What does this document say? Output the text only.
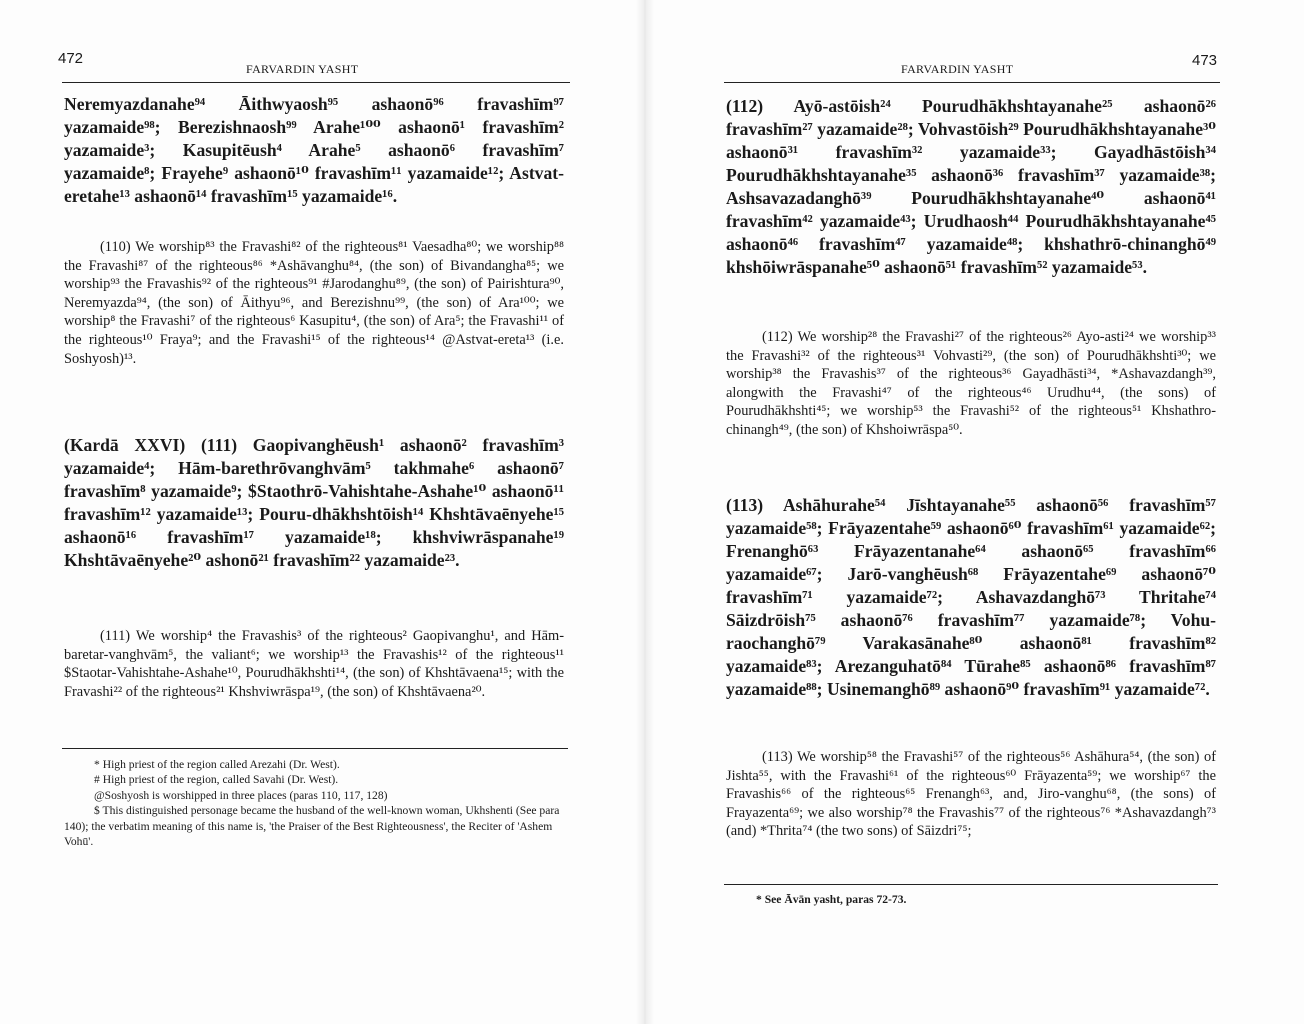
472
FARVARDIN YASHT
Neremyazdanahe⁹⁴ Āithwyaosh⁹⁵ ashaonō⁹⁶ fravashīm⁹⁷ yazamaide⁹⁸; Berezishnaosh⁹⁹ Arahe¹⁰⁰ ashaonō¹ fravashīm² yazamaide³; Kasupitēush⁴ Arahe⁵ ashaonō⁶ fravashīm⁷ yazamaide⁸; Frayehe⁹ ashaonō¹⁰ fravashīm¹¹ yazamaide¹²; Astvat-eretahe¹³ ashaonō¹⁴ fravashīm¹⁵ yazamaide¹⁶.
(110) We worship⁸³ the Fravashi⁸² of the righteous⁸¹ Vaesadha⁸⁰; we worship⁸⁸ the Fravashi⁸⁷ of the righteous⁸⁶ *Ashāvanghu⁸⁴, (the son) of Bivandangha⁸⁵; we worship⁹³ the Fravashis⁹² of the righteous⁹¹ #Jarodanghu⁸⁹, (the son) of Pairishtura⁹⁰, Neremyazda⁹⁴, (the son) of Āithyu⁹⁶, and Berezishnu⁹⁹, (the son) of Ara¹⁰⁰; we worship⁸ the Fravashi⁷ of the righteous⁶ Kasupitu⁴, (the son) of Ara⁵; the Fravashi¹¹ of the righteous¹⁰ Fraya⁹; and the Fravashi¹⁵ of the righteous¹⁴ @Astvat-ereta¹³ (i.e. Soshyosh)¹³.
(Kardā XXVI) (111) Gaopivanghēush¹ ashaonō² fravashīm³ yazamaide⁴; Hām-barethrōvanghvām⁵ takhmahe⁶ ashaonō⁷ fravashīm⁸ yazamaide⁹; $Staothrō-Vahishtahe-Ashahe¹⁰ ashaonō¹¹ fravashīm¹² yazamaide¹³; Pouru-dhākhshtōish¹⁴ Khshtāvaēnyehe¹⁵ ashaonō¹⁶ fravashīm¹⁷ yazamaide¹⁸; khshviwrāspanahe¹⁹ Khshtāvaēnyehe²⁰ ashonō²¹ fravashīm²² yazamaide²³.
(111) We worship⁴ the Fravashis³ of the righteous² Gaopivanghu¹, and Hām-baretar-vanghvām⁵, the valiant⁶; we worship¹³ the Fravashis¹² of the righteous¹¹ $Staotar-Vahishtahe-Ashahe¹⁰, Pourudhākhshti¹⁴, (the son) of Khshtāvaena¹⁵; with the Fravashi²² of the righteous²¹ Khshviwrāspa¹⁹, (the son) of Khshtāvaena²⁰.
* High priest of the region called Arezahi (Dr. West).
# High priest of the region, called Savahi (Dr. West).
@Soshyosh is worshipped in three places (paras 110, 117, 128)
$ This distinguished personage became the husband of the well-known woman, Ukhshenti (See para 140); the verbatim meaning of this name is, 'the Praiser of the Best Righteousness', the Reciter of 'Ashem Vohū'.
FARVARDIN YASHT	473
(112) Ayō-astōish²⁴ Pourudhākhshtayanahe²⁵ ashaonō²⁶ fravashīm²⁷ yazamaide²⁸; Vohvastōish²⁹ Pourudhākhshtayanahe³⁰ ashaonō³¹ fravashīm³² yazamaide³³; Gayadhāstōish³⁴ Pourudhākhshtayanahe³⁵ ashaonō³⁶ fravashīm³⁷ yazamaide³⁸; Ashsavazadanghō³⁹ Pourudhākhshtayanahe⁴⁰ ashaonō⁴¹ fravashīm⁴² yazamaide⁴³; Urudhaosh⁴⁴ Pourudhākhshtayanahe⁴⁵ ashaonō⁴⁶ fravashīm⁴⁷ yazamaide⁴⁸; khshathrō-chinanghō⁴⁹ khshōiwrāspanahe⁵⁰ ashaonō⁵¹ fravashīm⁵² yazamaide⁵³.
(112) We worship²⁸ the Fravashi²⁷ of the righteous²⁶ Ayo-asti²⁴ we worship³³ the Fravashi³² of the righteous³¹ Vohvasti²⁹, (the son) of Pourudhākhshti³⁰; we worship³⁸ the Fravashis³⁷ of the righteous³⁶ Gayadhāsti³⁴, *Ashavazdangh³⁹, alongwith the Fravashi⁴⁷ of the righteous⁴⁶ Urudhu⁴⁴, (the sons) of Pourudhākhshti⁴⁵; we worship⁵³ the Fravashi⁵² of the righteous⁵¹ Khshathro-chinangh⁴⁹, (the son) of Khshoiwrāspa⁵⁰.
(113) Ashāhurahe⁵⁴ Jīshtayanahe⁵⁵ ashaonō⁵⁶ fravashīm⁵⁷ yazamaide⁵⁸; Frāyazentahe⁵⁹ ashaonō⁶⁰ fravashīm⁶¹ yazamaide⁶²; Frenanghō⁶³ Frāyazentanahe⁶⁴ ashaonō⁶⁵ fravashīm⁶⁶ yazamaide⁶⁷; Jarō-vanghēush⁶⁸ Frāyazentahe⁶⁹ ashaonō⁷⁰ fravashīm⁷¹ yazamaide⁷²; Ashavazdanghō⁷³ Thritahe⁷⁴ Sāizdrōish⁷⁵ ashaonō⁷⁶ fravashīm⁷⁷ yazamaide⁷⁸; Vohu-raochanghō⁷⁹ Varakasānahe⁸⁰ ashaonō⁸¹ fravashīm⁸² yazamaide⁸³; Arezanguhatō⁸⁴ Tūrahe⁸⁵ ashaonō⁸⁶ fravashīm⁸⁷ yazamaide⁸⁸; Usinemanghō⁸⁹ ashaonō⁹⁰ fravashīm⁹¹ yazamaide⁷².
(113) We worship⁵⁸ the Fravashi⁵⁷ of the righteous⁵⁶ Ashāhura⁵⁴, (the son) of Jishta⁵⁵, with the Fravashi⁶¹ of the righteous⁶⁰ Frāyazenta⁵⁹; we worship⁶⁷ the Fravashis⁶⁶ of the righteous⁶⁵ Frenangh⁶³, and, Jiro-vanghu⁶⁸, (the sons) of Frayazenta⁶⁹; we also worship⁷⁸ the Fravashis⁷⁷ of the righteous⁷⁶ *Ashavazdangh⁷³ (and) *Thrita⁷⁴ (the two sons) of Sāizdri⁷⁵;
* See Āvān yasht, paras 72-73.
